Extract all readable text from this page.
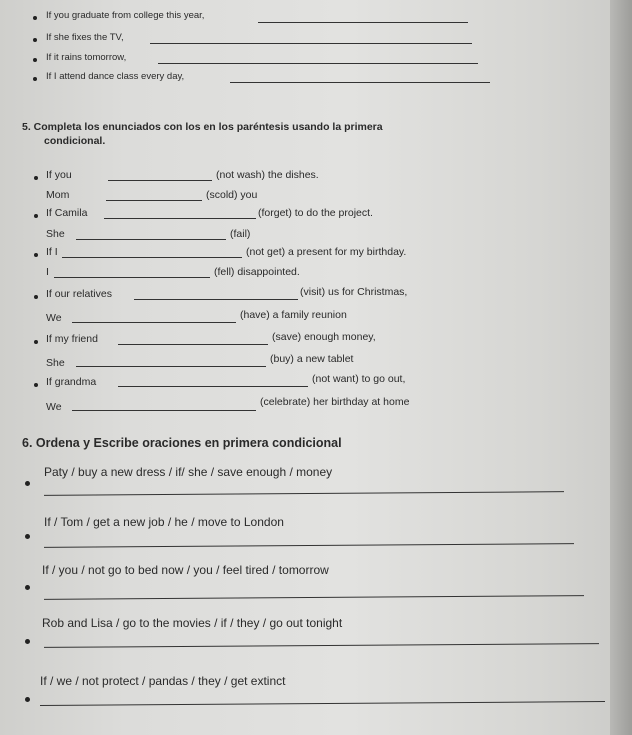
If you graduate from college this year,
If she fixes the TV,
If it rains tomorrow,
If I attend dance class every day,
5. Completa los enunciados con los en los paréntesis usando la primera
condicional.
If you	(not wash) the dishes.
Mom	(scold) you
If Camila	(forget) to do the project.
She	(fail)
If I	(not get) a present for my birthday.
I	(fell) disappointed.
If our relatives	(visit) us for Christmas,
We	(have) a family reunion
If my friend	(save) enough money,
She	(buy) a new tablet
If grandma	(not want) to go out,
We	(celebrate) her birthday at home
6. Ordena y Escribe oraciones en primera condicional
Paty / buy a new dress / if/ she / save enough / money
If / Tom / get a new job / he / move to London
If / you / not go to bed now / you / feel tired / tomorrow
Rob and Lisa / go to the movies / if / they / go out tonight
If / we / not protect / pandas / they / get extinct
